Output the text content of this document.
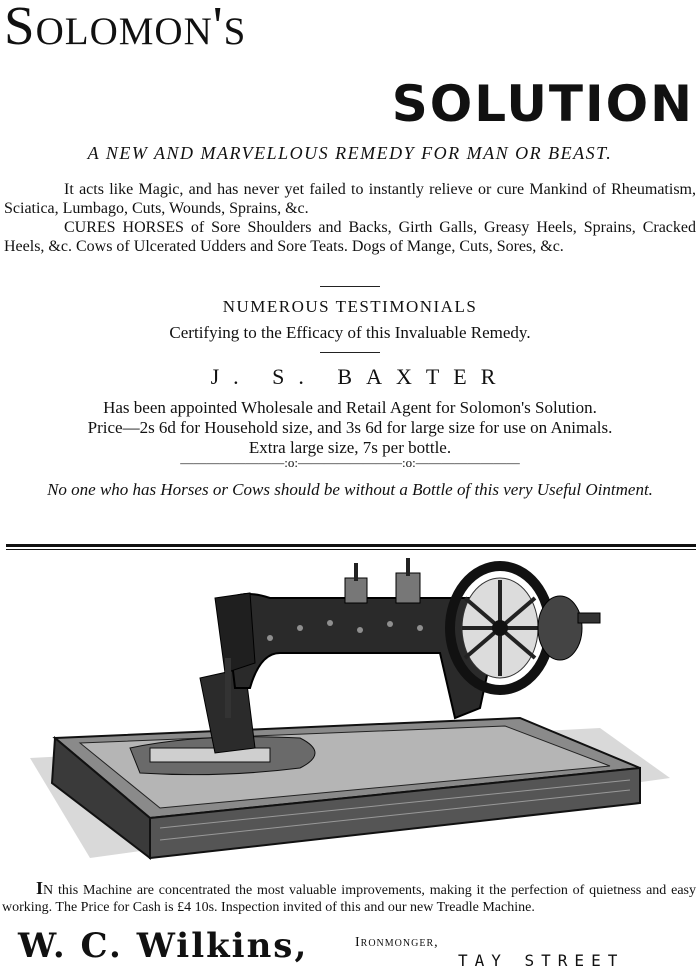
Solomon's
SOLUTION
A NEW AND MARVELLOUS REMEDY FOR MAN OR BEAST.
It acts like Magic, and has never yet failed to instantly relieve or cure Mankind of Rheumatism, Sciatica, Lumbago, Cuts, Wounds, Sprains, &c.
CURES HORSES of Sore Shoulders and Backs, Girth Galls, Greasy Heels, Sprains, Cracked Heels, &c. Cows of Ulcerated Udders and Sore Teats. Dogs of Mange, Cuts, Sores, &c.
NUMEROUS TESTIMONIALS
Certifying to the Efficacy of this Invaluable Remedy.
J. S. BAXTER
Has been appointed Wholesale and Retail Agent for Solomon's Solution.
Price—2s 6d for Household size, and 3s 6d for large size for use on Animals.
Extra large size, 7s per bottle.
————————:o:————————:o:————————
No one who has Horses or Cows should be without a Bottle of this very Useful Ointment.
IN this Machine are concentrated the most valuable improvements, making it the perfection of quietness and easy working. The Price for Cash is £4 10s. Inspection invited of this and our new Treadle Machine.
W. C. Wilkins,	Ironmonger,
TAY STREET
